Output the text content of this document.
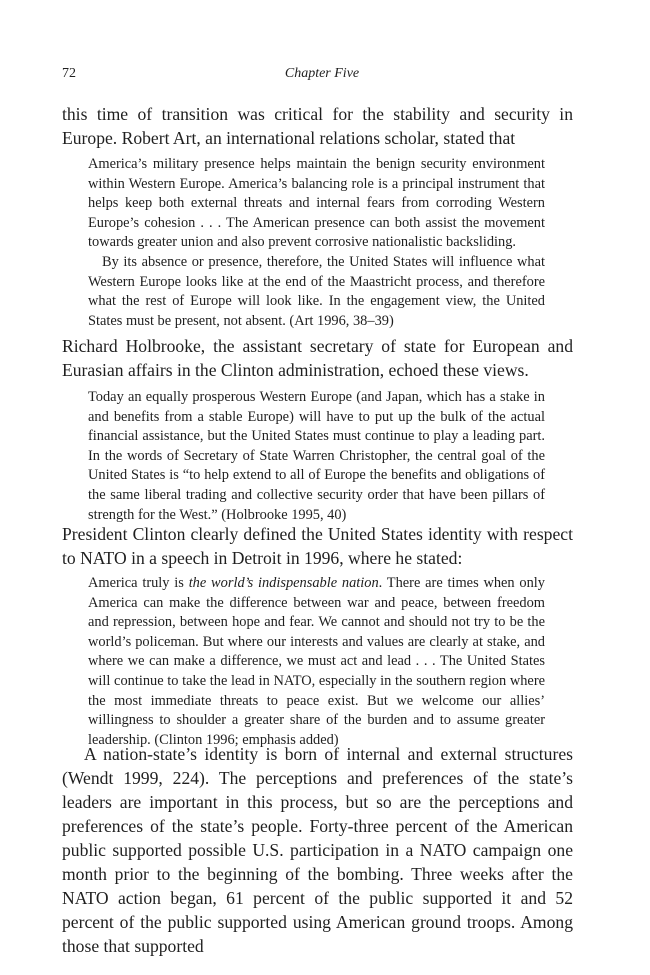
72	Chapter Five

this time of transition was critical for the stability and security in Europe. Robert Art, an international relations scholar, stated that

America’s military presence helps maintain the benign security environment within Western Europe. America’s balancing role is a principal instrument that helps keep both external threats and internal fears from corroding Western Europe’s cohesion . . . The American presence can both assist the movement towards greater union and also prevent corrosive nationalistic backsliding.

By its absence or presence, therefore, the United States will influence what Western Europe looks like at the end of the Maastricht process, and therefore what the rest of Europe will look like. In the engagement view, the United States must be present, not absent. (Art 1996, 38–39)

Richard Holbrooke, the assistant secretary of state for European and Eurasian affairs in the Clinton administration, echoed these views.

Today an equally prosperous Western Europe (and Japan, which has a stake in and benefits from a stable Europe) will have to put up the bulk of the actual financial assistance, but the United States must continue to play a leading part. In the words of Secretary of State Warren Christopher, the central goal of the United States is “to help extend to all of Europe the benefits and obligations of the same liberal trading and collective security order that have been pillars of strength for the West.” (Holbrooke 1995, 40)

President Clinton clearly defined the United States identity with respect to NATO in a speech in Detroit in 1996, where he stated:

America truly is the world’s indispensable nation. There are times when only America can make the difference between war and peace, between freedom and repression, between hope and fear. We cannot and should not try to be the world’s policeman. But where our interests and values are clearly at stake, and where we can make a difference, we must act and lead . . . The United States will continue to take the lead in NATO, especially in the southern region where the most immediate threats to peace exist. But we welcome our allies’ willingness to shoulder a greater share of the burden and to assume greater leadership. (Clinton 1996; emphasis added)

A nation-state’s identity is born of internal and external structures (Wendt 1999, 224). The perceptions and preferences of the state’s leaders are important in this process, but so are the perceptions and preferences of the state’s people. Forty-three percent of the American public supported possible U.S. participation in a NATO campaign one month prior to the beginning of the bombing. Three weeks after the NATO action began, 61 percent of the public supported it and 52 percent of the public supported using American ground troops. Among those that supported
